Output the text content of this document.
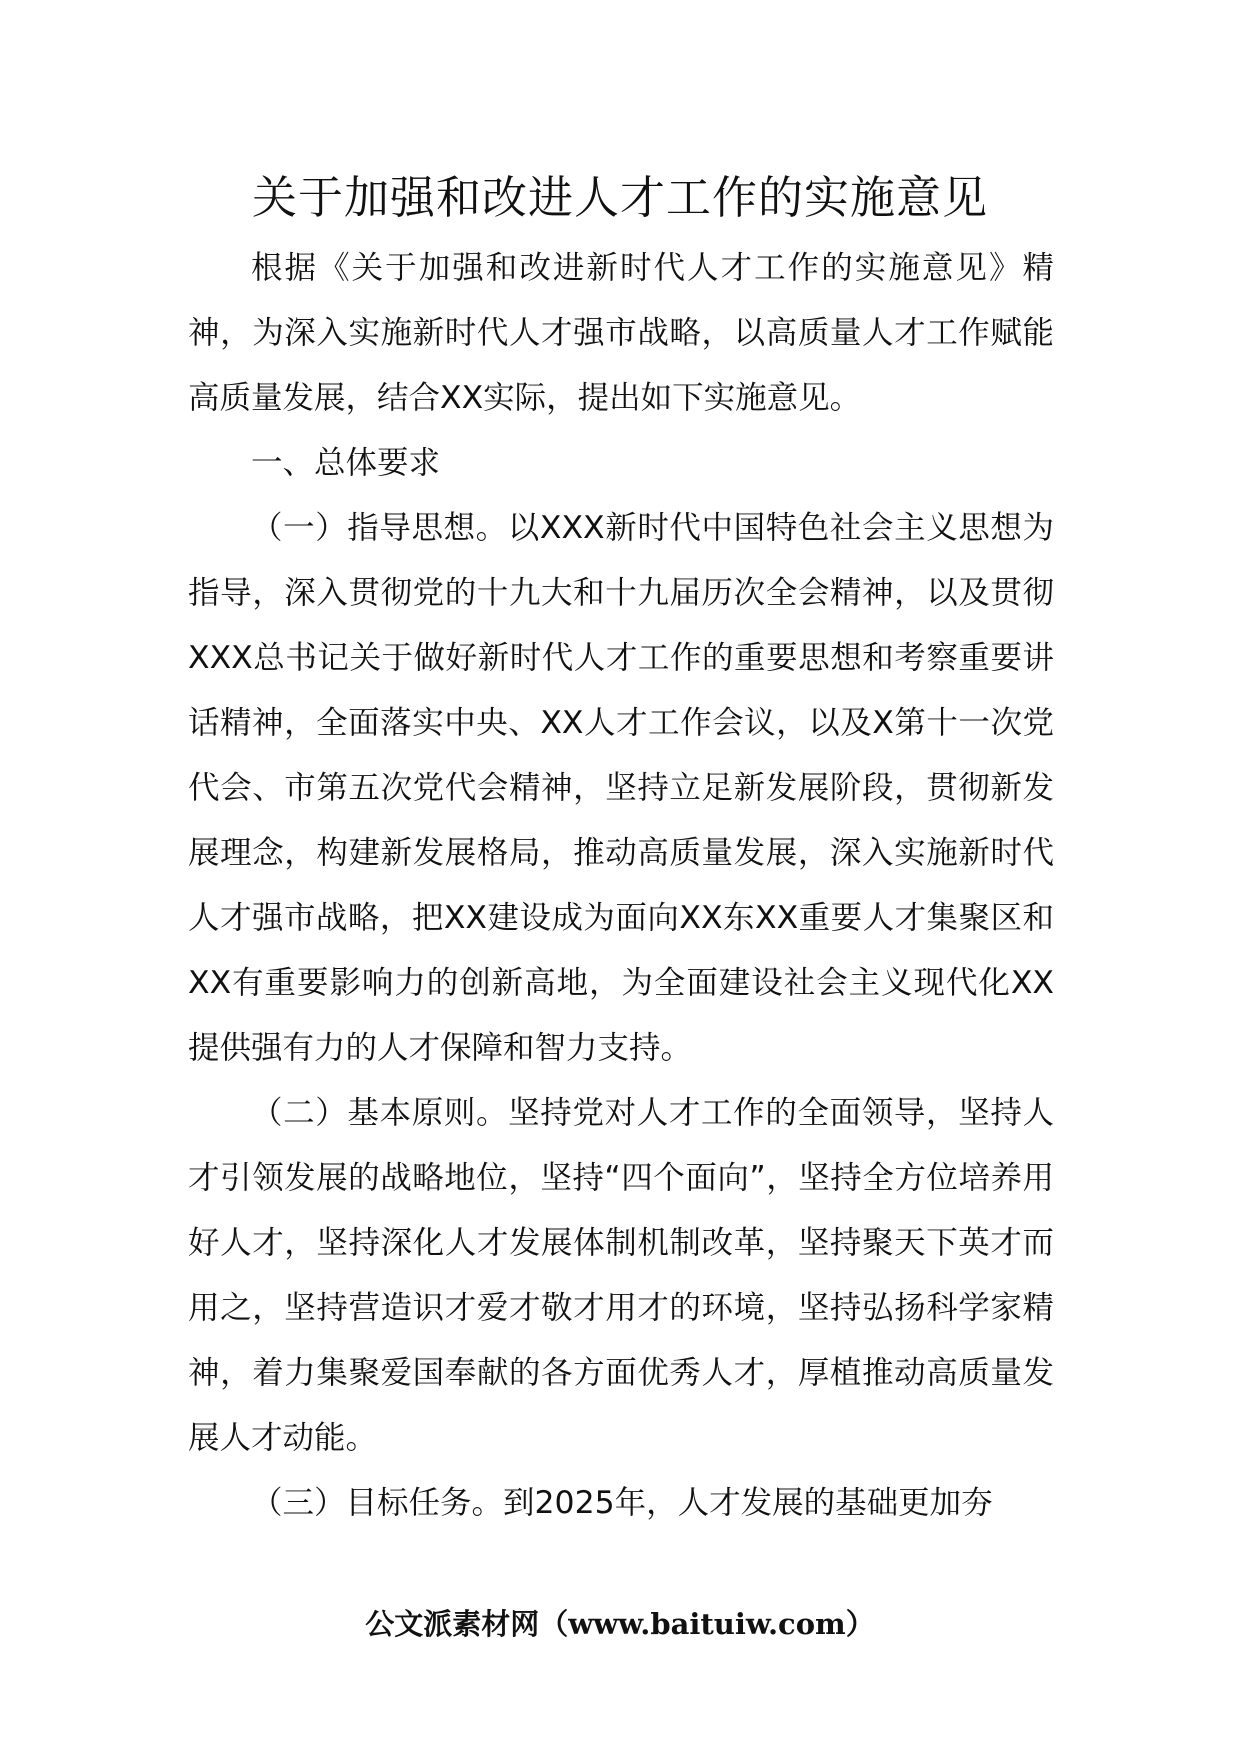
关于加强和改进人才工作的实施意见

根据《关于加强和改进新时代人才工作的实施意见》精神，为深入实施新时代人才强市战略，以高质量人才工作赋能高质量发展，结合XX实际，提出如下实施意见。

一、总体要求

（一）指导思想。以XXX新时代中国特色社会主义思想为指导，深入贯彻党的十九大和十九届历次全会精神，以及贯彻XXX总书记关于做好新时代人才工作的重要思想和考察重要讲话精神，全面落实中央、XX人才工作会议，以及X第十一次党代会、市第五次党代会精神，坚持立足新发展阶段，贯彻新发展理念，构建新发展格局，推动高质量发展，深入实施新时代人才强市战略，把XX建设成为面向XX东XX重要人才集聚区和XX有重要影响力的创新高地，为全面建设社会主义现代化XX提供强有力的人才保障和智力支持。

（二）基本原则。坚持党对人才工作的全面领导，坚持人才引领发展的战略地位，坚持“四个面向”，坚持全方位培养用好人才，坚持深化人才发展体制机制改革，坚持聚天下英才而用之，坚持营造识才爱才敬才用才的环境，坚持弘扬科学家精神，着力集聚爱国奉献的各方面优秀人才，厚植推动高质量发展人才动能。

（三）目标任务。到2025年，人才发展的基础更加夯

公文派素材网（www.baituiw.com）
